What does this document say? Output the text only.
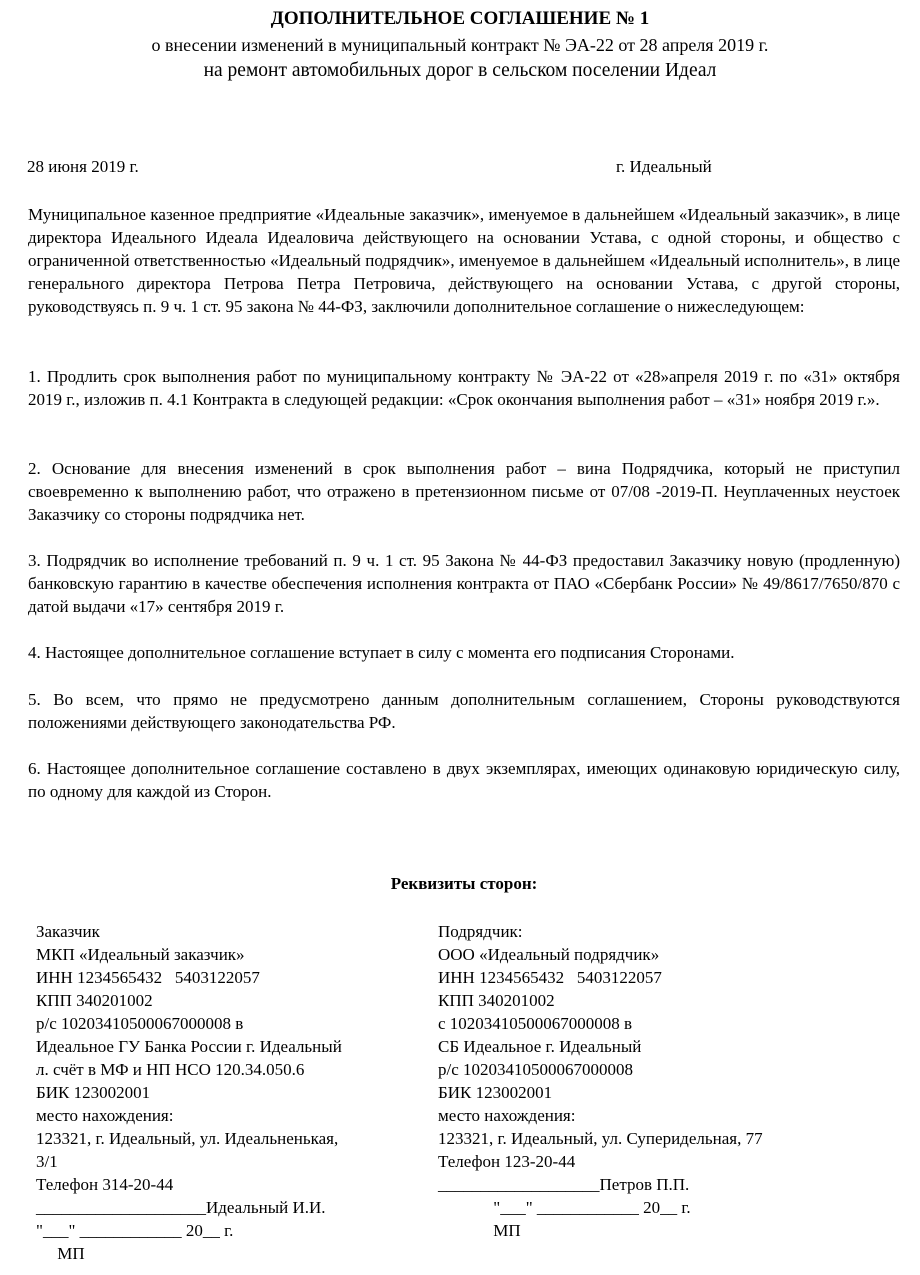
ДОПОЛНИТЕЛЬНОЕ СОГЛАШЕНИЕ № 1
о внесении изменений в муниципальный контракт № ЭА-22 от 28 апреля 2019 г.
на ремонт автомобильных дорог в сельском поселении Идеал
28 июня 2019 г.	г. Идеальный
Муниципальное казенное предприятие «Идеальные заказчик», именуемое в дальнейшем «Идеальный заказчик», в лице директора Идеального Идеала Идеаловича действующего на основании Устава, с одной стороны, и общество с ограниченной ответственностью «Идеальный подрядчик», именуемое в дальнейшем «Идеальный исполнитель», в лице генерального директора Петрова Петра Петровича, действующего на основании Устава, с другой стороны, руководствуясь п. 9 ч. 1 ст. 95 закона № 44-ФЗ, заключили дополнительное соглашение о нижеследующем:
1. Продлить срок выполнения работ по муниципальному контракту № ЭА-22 от «28»апреля 2019 г. по «31» октября 2019 г., изложив п. 4.1 Контракта в следующей редакции: «Срок окончания выполнения работ – «31» ноября 2019 г.».
2. Основание для внесения изменений в срок выполнения работ – вина Подрядчика, который не приступил своевременно к выполнению работ, что отражено в претензионном письме от 07/08 -2019-П. Неуплаченных неустоек Заказчику со стороны подрядчика нет.
3. Подрядчик во исполнение требований п. 9 ч. 1 ст. 95 Закона № 44-ФЗ предоставил Заказчику новую (продленную) банковскую гарантию в качестве обеспечения исполнения контракта от ПАО «Сбербанк России» № 49/8617/7650/870 с датой выдачи «17» сентября 2019 г.
4. Настоящее дополнительное соглашение вступает в силу с момента его подписания Сторонами.
5. Во всем, что прямо не предусмотрено данным дополнительным соглашением, Стороны руководствуются положениями действующего законодательства РФ.
6. Настоящее дополнительное соглашение составлено в двух экземплярах, имеющих одинаковую юридическую силу, по одному для каждой из Сторон.
Реквизиты сторон:
Заказчик
МКП «Идеальный заказчик»
ИНН 1234565432   5403122057
КПП 340201002
р/с 10203410500067000008 в
Идеальное ГУ Банка России г. Идеальный
л. счёт в МФ и НП НСО 120.34.050.6
БИК 123002001
место нахождения:
123321, г. Идеальный, ул. Идеальненькая,
3/1
Телефон 314-20-44
____________________Идеальный И.И.
"___" ____________ 20__ г.
МП
Подрядчик:
ООО «Идеальный подрядчик»
ИНН 1234565432   5403122057
КПП 340201002
с 10203410500067000008 в
СБ Идеальное г. Идеальный
р/с 10203410500067000008
БИК 123002001
место нахождения:
123321, г. Идеальный, ул. Суперидельная, 77
Телефон 123-20-44
___________________Петров П.П.
"___" ____________ 20__ г.
МП
